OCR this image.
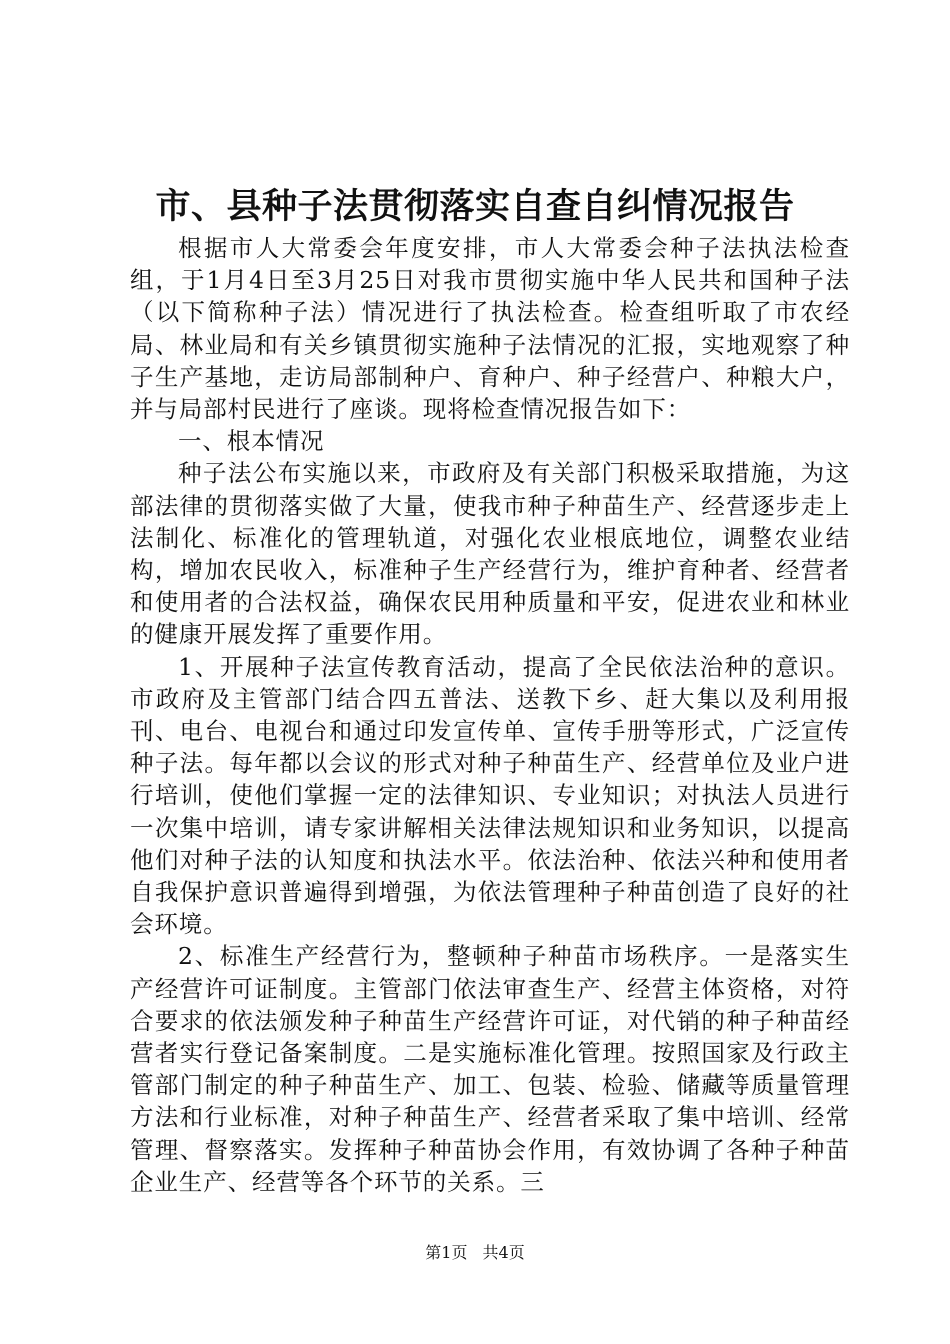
市、县种子法贯彻落实自查自纠情况报告

根据市人大常委会年度安排，市人大常委会种子法执法检查组，于1月4日至3月25日对我市贯彻实施中华人民共和国种子法（以下简称种子法）情况进行了执法检查。检查组听取了市农经局、林业局和有关乡镇贯彻实施种子法情况的汇报，实地观察了种子生产基地，走访局部制种户、育种户、种子经营户、种粮大户，并与局部村民进行了座谈。现将检查情况报告如下：

一、根本情况

种子法公布实施以来，市政府及有关部门积极采取措施，为这部法律的贯彻落实做了大量，使我市种子种苗生产、经营逐步走上法制化、标准化的管理轨道，对强化农业根底地位，调整农业结构，增加农民收入，标准种子生产经营行为，维护育种者、经营者和使用者的合法权益，确保农民用种质量和平安，促进农业和林业的健康开展发挥了重要作用。

1、开展种子法宣传教育活动，提高了全民依法治种的意识。市政府及主管部门结合四五普法、送教下乡、赶大集以及利用报刊、电台、电视台和通过印发宣传单、宣传手册等形式，广泛宣传种子法。每年都以会议的形式对种子种苗生产、经营单位及业户进行培训，使他们掌握一定的法律知识、专业知识；对执法人员进行一次集中培训，请专家讲解相关法律法规知识和业务知识，以提高他们对种子法的认知度和执法水平。依法治种、依法兴种和使用者自我保护意识普遍得到增强，为依法管理种子种苗创造了良好的社会环境。

2、标准生产经营行为，整顿种子种苗市场秩序。一是落实生产经营许可证制度。主管部门依法审查生产、经营主体资格，对符合要求的依法颁发种子种苗生产经营许可证，对代销的种子种苗经营者实行登记备案制度。二是实施标准化管理。按照国家及行政主管部门制定的种子种苗生产、加工、包装、检验、储藏等质量管理方法和行业标准，对种子种苗生产、经营者采取了集中培训、经常管理、督察落实。发挥种子种苗协会作用，有效协调了各种子种苗企业生产、经营等各个环节的关系。三

第1页 共4页
